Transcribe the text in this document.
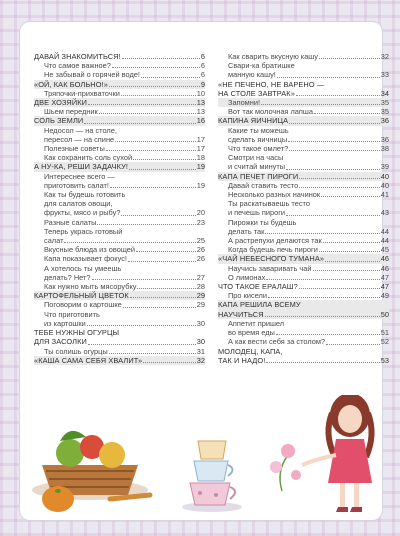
ДАВАЙ ЗНАКОМИТЬСЯ!	6
Что самое важное?	6
Не забывай о горячей воде!	6
«ОЙ, КАК БОЛЬНО!»	9
Тряпочки-прихваточки	10
ДВЕ ХОЗЯЙКИ	13
Шьем передник	13
СОЛЬ ЗЕМЛИ	16
Недосол — на столе,
пересол — на спине	17
Полезные советы	17
Как сохранить соль сухой	18
А НУ-КА, РЕШИ ЗАДАЧКУ!	19
Интереснее всего —
приготовить салат!	19
Как ты будешь готовить
для салатов овощи,
фрукты, мясо и рыбу?	20
Разные салаты	23
Теперь укрась готовый
салат	25
Вкусные блюда из овощей	26
Капа показывает фокус!	26
А хотелось ты умеешь
делать? Нет?	27
Как нужно мыть мясорубку	28
КАРТОФЕЛЬНЫЙ ЦВЕТОК	29
Поговорим о картошке	29
Что приготовить
из картошки	30
ТЕБЕ НУЖНЫ ОГУРЦЫ
ДЛЯ ЗАСОЛКИ	30
Ты солишь огурцы	31
«КАША САМА СЕБЯ ХВАЛИТ»	32
Как сварить вкусную кашу	32
Свари-ка братишке
манную кашу!	33
«НЕ ПЕЧЕНО, НЕ ВАРЕНО —
НА СТОЛЕ ЗАВТРАК»	34
Запомни!	35
Вот так молочная лапша	35
КАПИНА ЯИЧНИЦА	36
Какие ты можешь
сделать яичницы	36
Что такое омлет?	38
Смотри на часы
и считай минуты	39
КАПА ПЕЧЕТ ПИРОГИ	40
Давай ставить тесто	40
Несколько разных начинок	41
Ты раскатываешь тесто
и печешь пироги	43
Пирожки ты будешь
делать так	44
А растрепухи делаются так	44
Когда будешь печь пироги	45
«ЧАЙ НЕБЕСНОГО ТУМАНА»	46
Научись заваривать чай	46
О лимонах	47
ЧТО ТАКОЕ ЕРАЛАШ?	47
Про кисели	49
КАПА РЕШИЛА ВСЕМУ
НАУЧИТЬСЯ	50
Аппетит пришел
во время еды	51
А как вести себя за столом?	52
МОЛОДЕЦ, КАПА,
ТАК И НАДО!	53
